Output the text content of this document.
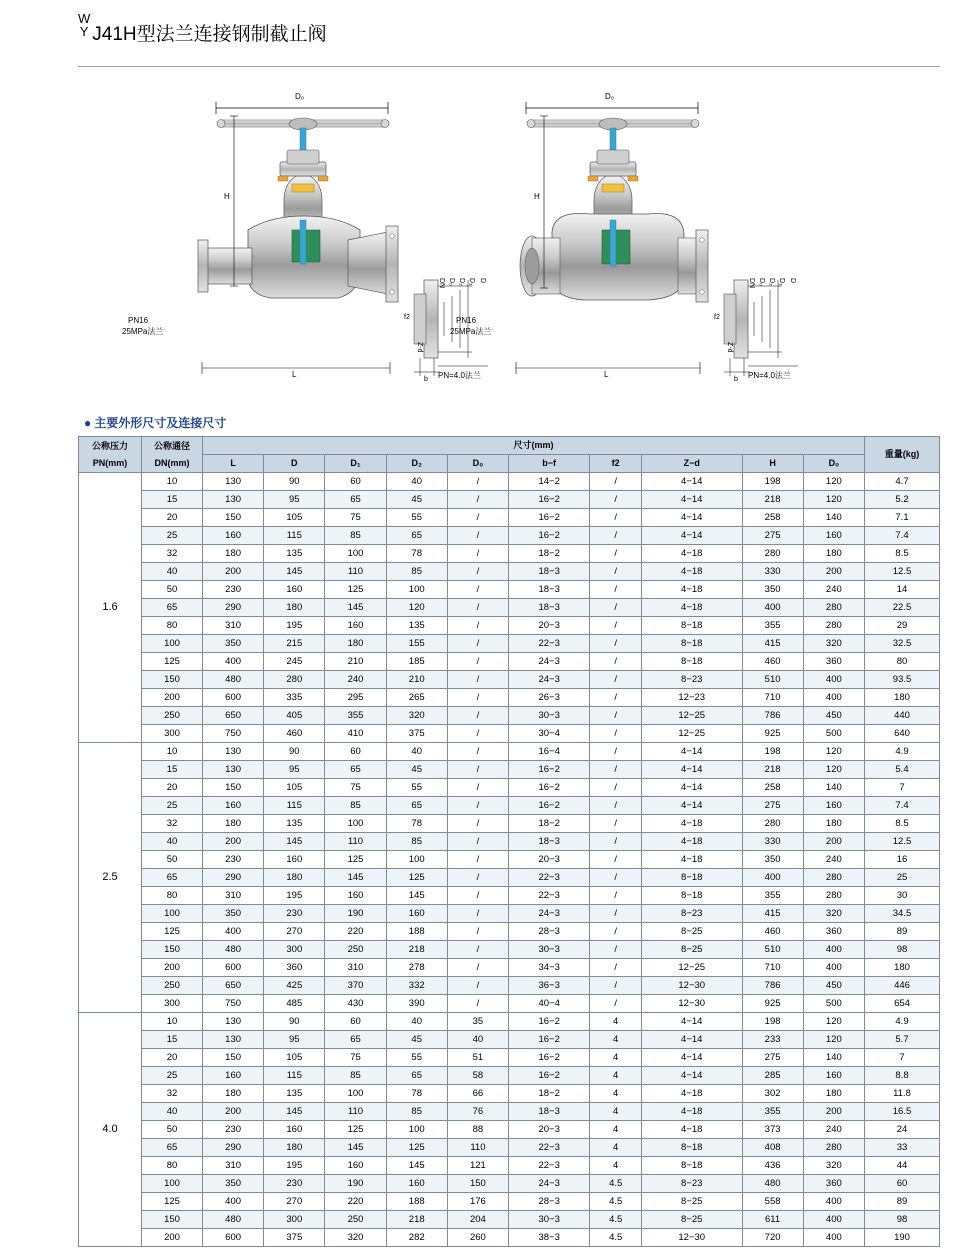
W
Y J41H型法兰连接钢制截止阀
D₀
H
L
PN16
25MPa法兰
PN=4.0法兰
f2
DN D₀ D₂ D₁ D
Z-d
b
D₀
H
L
PN16
25MPa法兰
PN=4.0法兰
f2
DN D₀ D₂ D₁ D
Z-d
b
● 主要外形尺寸及连接尺寸
公称压力
PN(mm)

公称通径
DN(mm)
	尺寸(mm)	重量(kg)
		L	D	D₁	D₂	D₀	b−f	f2	Z−d	H	D₀	
1.6	10	130	90	60	40	/	14−2	/	4−14	198	120	4.7
	15	130	95	65	45	/	16−2	/	4−14	218	120	5.2
	20	150	105	75	55	/	16−2	/	4−14	258	140	7.1
	25	160	115	85	65	/	16−2	/	4−14	275	160	7.4
	32	180	135	100	78	/	18−2	/	4−18	280	180	8.5
	40	200	145	110	85	/	18−3	/	4−18	330	200	12.5
	50	230	160	125	100	/	18−3	/	4−18	350	240	14
	65	290	180	145	120	/	18−3	/	4−18	400	280	22.5
	80	310	195	160	135	/	20−3	/	8−18	355	280	29
	100	350	215	180	155	/	22−3	/	8−18	415	320	32.5
	125	400	245	210	185	/	24−3	/	8−18	460	360	80
	150	480	280	240	210	/	24−3	/	8−23	510	400	93.5
	200	600	335	295	265	/	26−3	/	12−23	710	400	180
	250	650	405	355	320	/	30−3	/	12−25	786	450	440
	300	750	460	410	375	/	30−4	/	12−25	925	500	640
2.5	10	130	90	60	40	/	16−4	/	4−14	198	120	4.9
	15	130	95	65	45	/	16−2	/	4−14	218	120	5.4
	20	150	105	75	55	/	16−2	/	4−14	258	140	7
	25	160	115	85	65	/	16−2	/	4−14	275	160	7.4
	32	180	135	100	78	/	18−2	/	4−18	280	180	8.5
	40	200	145	110	85	/	18−3	/	4−18	330	200	12.5
	50	230	160	125	100	/	20−3	/	4−18	350	240	16
	65	290	180	145	125	/	22−3	/	8−18	400	280	25
	80	310	195	160	145	/	22−3	/	8−18	355	280	30
	100	350	230	190	160	/	24−3	/	8−23	415	320	34.5
	125	400	270	220	188	/	28−3	/	8−25	460	360	89
	150	480	300	250	218	/	30−3	/	8−25	510	400	98
	200	600	360	310	278	/	34−3	/	12−25	710	400	180
	250	650	425	370	332	/	36−3	/	12−30	786	450	446
	300	750	485	430	390	/	40−4	/	12−30	925	500	654
4.0	10	130	90	60	40	35	16−2	4	4−14	198	120	4.9
	15	130	95	65	45	40	16−2	4	4−14	233	120	5.7
	20	150	105	75	55	51	16−2	4	4−14	275	140	7
	25	160	115	85	65	58	16−2	4	4−14	285	160	8.8
	32	180	135	100	78	66	18−2	4	4−18	302	180	11.8
	40	200	145	110	85	76	18−3	4	4−18	355	200	16.5
	50	230	160	125	100	88	20−3	4	4−18	373	240	24
	65	290	180	145	125	110	22−3	4	8−18	408	280	33
	80	310	195	160	145	121	22−3	4	8−18	436	320	44
	100	350	230	190	160	150	24−3	4.5	8−23	480	360	60
	125	400	270	220	188	176	28−3	4.5	8−25	558	400	89
	150	480	300	250	218	204	30−3	4.5	8−25	611	400	98
	200	600	375	320	282	260	38−3	4.5	12−30	720	400	190
